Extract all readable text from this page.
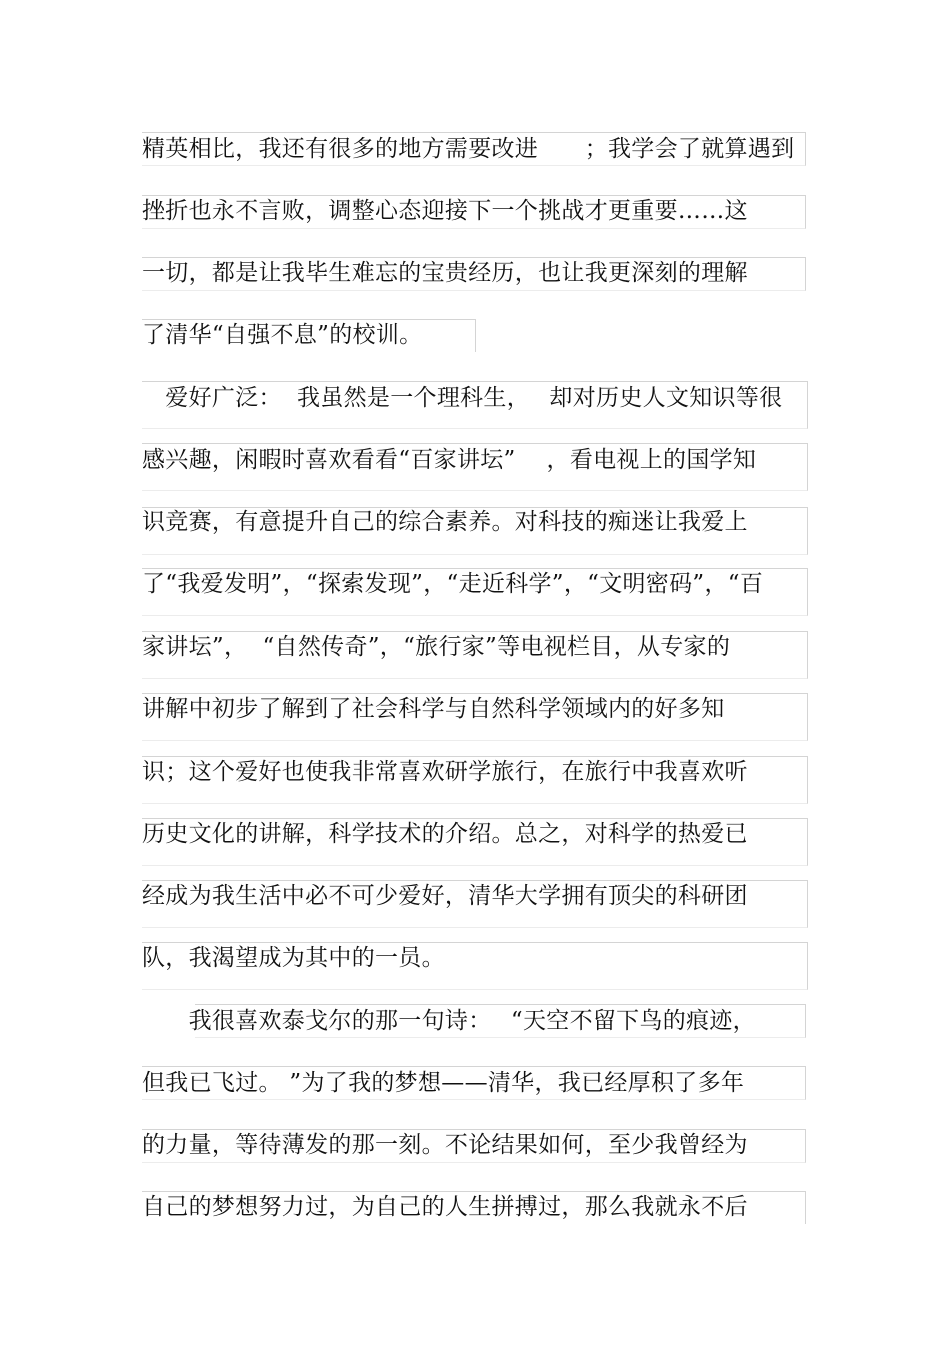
精英相比，我还有很多的地方需要改进　　；我学会了就算遇到
挫折也永不言败，调整心态迎接下一个挑战才更重要……这
一切，都是让我毕生难忘的宝贵经历，也让我更深刻的理解
了清华“自强不息”的校训。
　爱好广泛：  我虽然是一个理科生，　 却对历史人文知识等很
感兴趣，闲暇时喜欢看看“百家讲坛”　 ，看电视上的国学知
识竞赛，有意提升自己的综合素养。对科技的痴迷让我爱上
了“我爱发明”，“探索发现”，“走近科学”，“文明密码”，“百
家讲坛”，  “自然传奇”，“旅行家”等电视栏目，从专家的
讲解中初步了解到了社会科学与自然科学领域内的好多知
识；这个爱好也使我非常喜欢研学旅行，在旅行中我喜欢听
历史文化的讲解，科学技术的介绍。总之，对科学的热爱已
经成为我生活中必不可少爱好，清华大学拥有顶尖的科研团
队，我渴望成为其中的一员。
　　我很喜欢泰戈尔的那一句诗：　 “天空不留下鸟的痕迹，
但我已飞过。 ”为了我的梦想——清华，我已经厚积了多年
的力量，等待薄发的那一刻。不论结果如何，至少我曾经为
自己的梦想努力过，为自己的人生拼搏过，那么我就永不后
